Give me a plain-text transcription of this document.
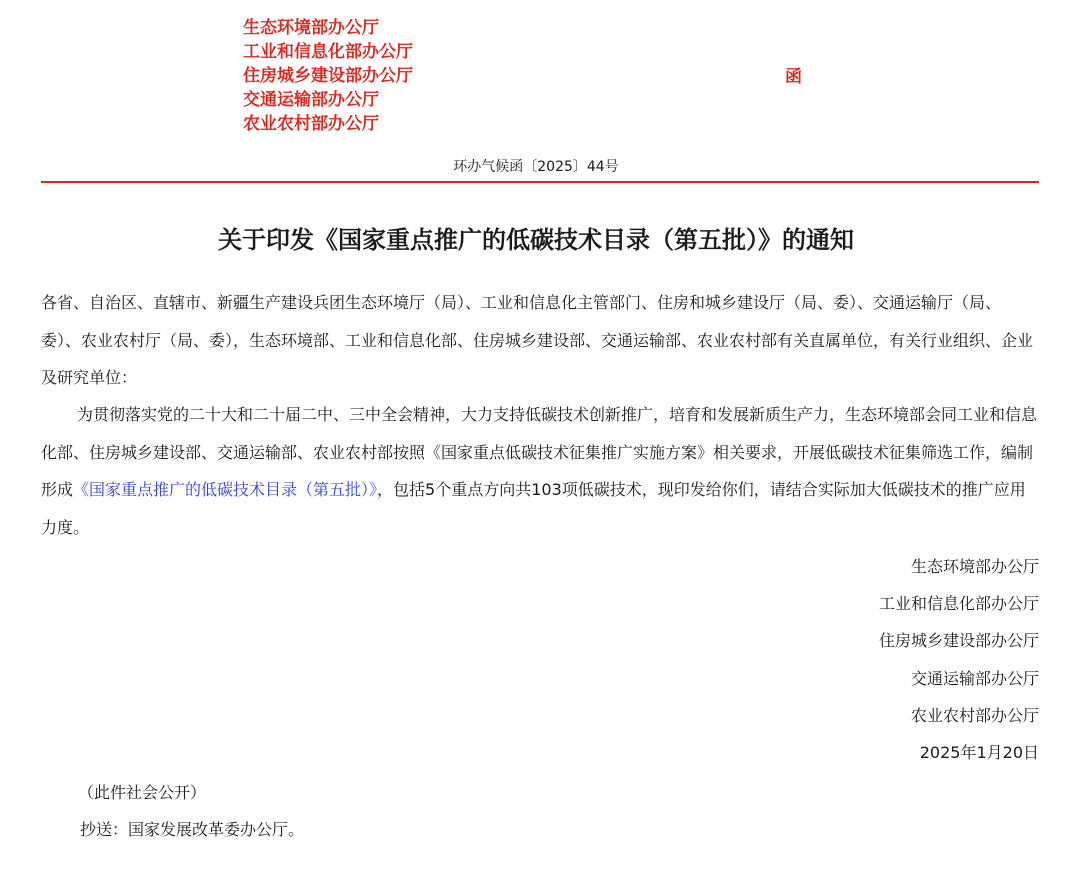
生态环境部办公厅
工业和信息化部办公厅
住房城乡建设部办公厅
交通运输部办公厅
农业农村部办公厅
函
环办气候函〔2025〕44号
关于印发《国家重点推广的低碳技术目录（第五批）》的通知
各省、自治区、直辖市、新疆生产建设兵团生态环境厅（局）、工业和信息化主管部门、住房和城乡建设厅（局、委）、交通运输厅（局、委）、农业农村厅（局、委），生态环境部、工业和信息化部、住房城乡建设部、交通运输部、农业农村部有关直属单位，有关行业组织、企业及研究单位：
为贯彻落实党的二十大和二十届二中、三中全会精神，大力支持低碳技术创新推广，培育和发展新质生产力，生态环境部会同工业和信息化部、住房城乡建设部、交通运输部、农业农村部按照《国家重点低碳技术征集推广实施方案》相关要求，开展低碳技术征集筛选工作，编制形成《国家重点推广的低碳技术目录（第五批）》，包括5个重点方向共103项低碳技术，现印发给你们，请结合实际加大低碳技术的推广应用力度。
生态环境部办公厅
工业和信息化部办公厅
住房城乡建设部办公厅
交通运输部办公厅
农业农村部办公厅
2025年1月20日
（此件社会公开）
抄送：国家发展改革委办公厅。
